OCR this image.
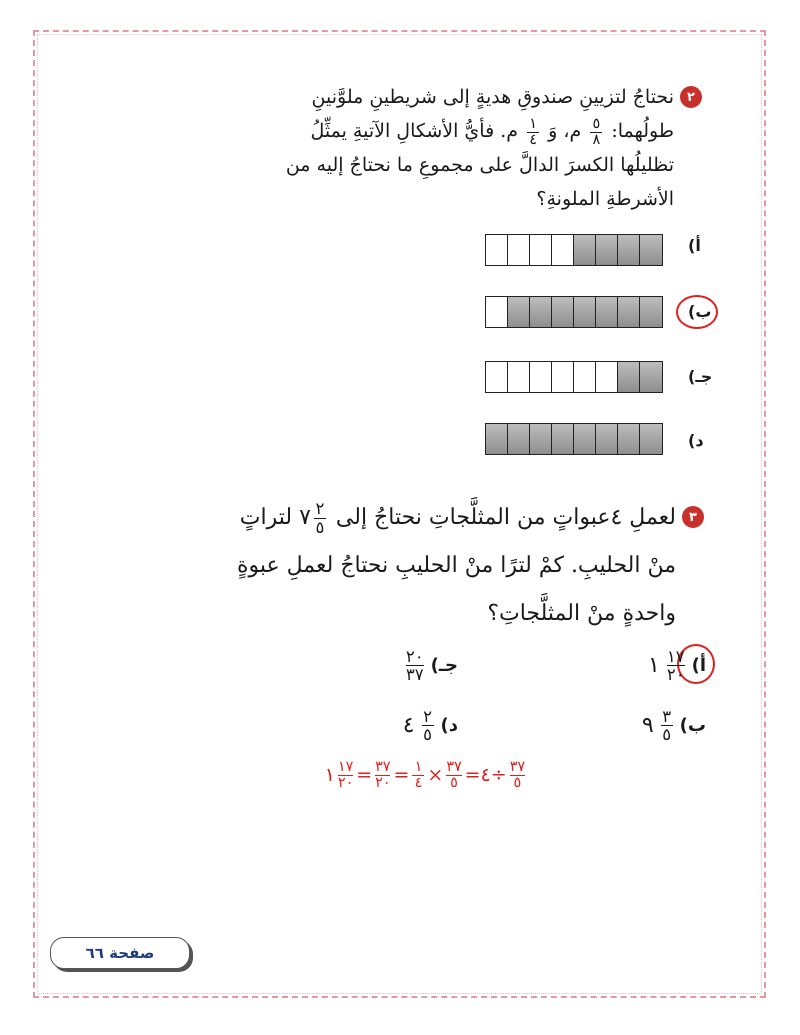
٢
نحتاجُ لتزيينِ صندوقِ هديةٍ إلى شريطينِ ملوَّنينِ
طولُهما:
$\frac{٥}{٨}$
م، وَ
$\frac{١}{٤}$
م. فأيُّ الأشكالِ الآتيةِ يمثِّلُ
تظليلُها الكسرَ الدالَّ على مجموعِ ما نحتاجُ إليه من
الأشرطةِ الملونةِ؟
أ)
ب)
جـ)
د)
٣
لعملِ ٤عبواتٍ من المثلَّجاتِ نحتاجُ إلى
$\frac{٢}{٥}$
٧ لتراتٍ
منْ الحليبِ. كمْ لترًا منْ الحليبِ نحتاجُ لعملِ عبوةٍ
واحدةٍ منْ المثلَّجاتِ؟
أ)
$\frac{١٧}{٢٠}$
١
جـ)
$\frac{٢٠}{٣٧}$
ب)
$\frac{٣}{٥}$
٩
د)
$\frac{٢}{٥}$
٤
$\frac{٣٧}{٥}$
÷
٤
=
$\frac{٣٧}{٥}$
×
$\frac{١}{٤}$
=
$\frac{٣٧}{٢٠}$
=
$\frac{١٧}{٢٠}$
١
صفحة ٦٦
